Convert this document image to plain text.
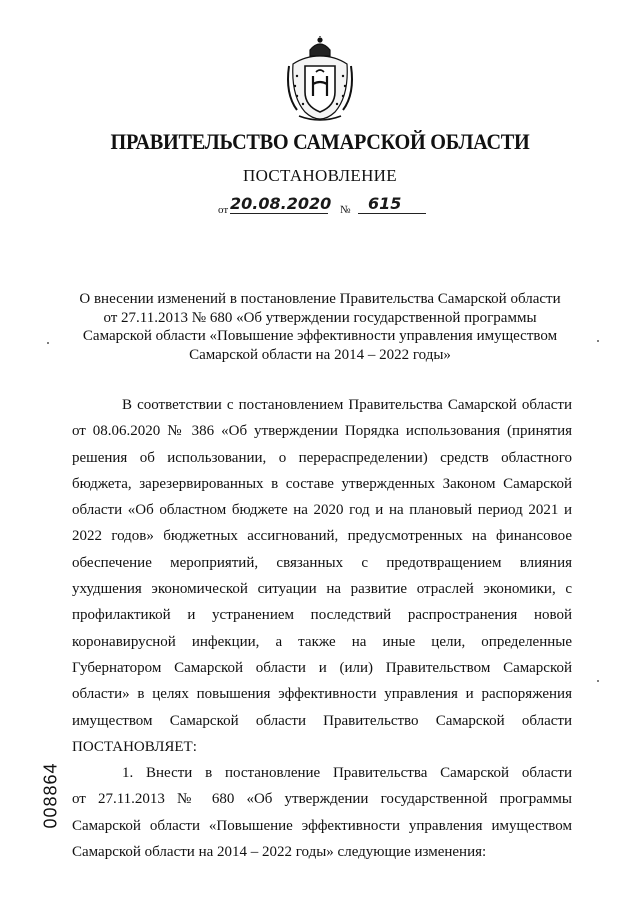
ПРАВИТЕЛЬСТВО САМАРСКОЙ ОБЛАСТИ
ПОСТАНОВЛЕНИЕ
от 20.08.2020 № 615
О внесении изменений в постановление Правительства Самарской области
от 27.11.2013 № 680 «Об утверждении государственной программы
Самарской области «Повышение эффективности управления имуществом
Самарской области на 2014 – 2022 годы»
В соответствии с постановлением Правительства Самарской области
от 08.06.2020 № 386 «Об утверждении Порядка использования (принятия
решения об использовании, о перераспределении) средств областного
бюджета, зарезервированных в составе утвержденных Законом Самарской
области «Об областном бюджете на 2020 год и на плановый период 2021 и
2022 годов» бюджетных ассигнований, предусмотренных на финансовое
обеспечение мероприятий, связанных с предотвращением влияния
ухудшения экономической ситуации на развитие отраслей экономики, с
профилактикой и устранением последствий распространения новой
коронавирусной инфекции, а также на иные цели, определенные
Губернатором Самарской области и (или) Правительством Самарской
области» в целях повышения эффективности управления и распоряжения
имуществом Самарской области Правительство Самарской области
ПОСТАНОВЛЯЕТ:
1. Внести в постановление Правительства Самарской области
от 27.11.2013 № 680 «Об утверждении государственной программы
Самарской области «Повышение эффективности управления имуществом
Самарской области на 2014 – 2022 годы» следующие изменения:
008864
